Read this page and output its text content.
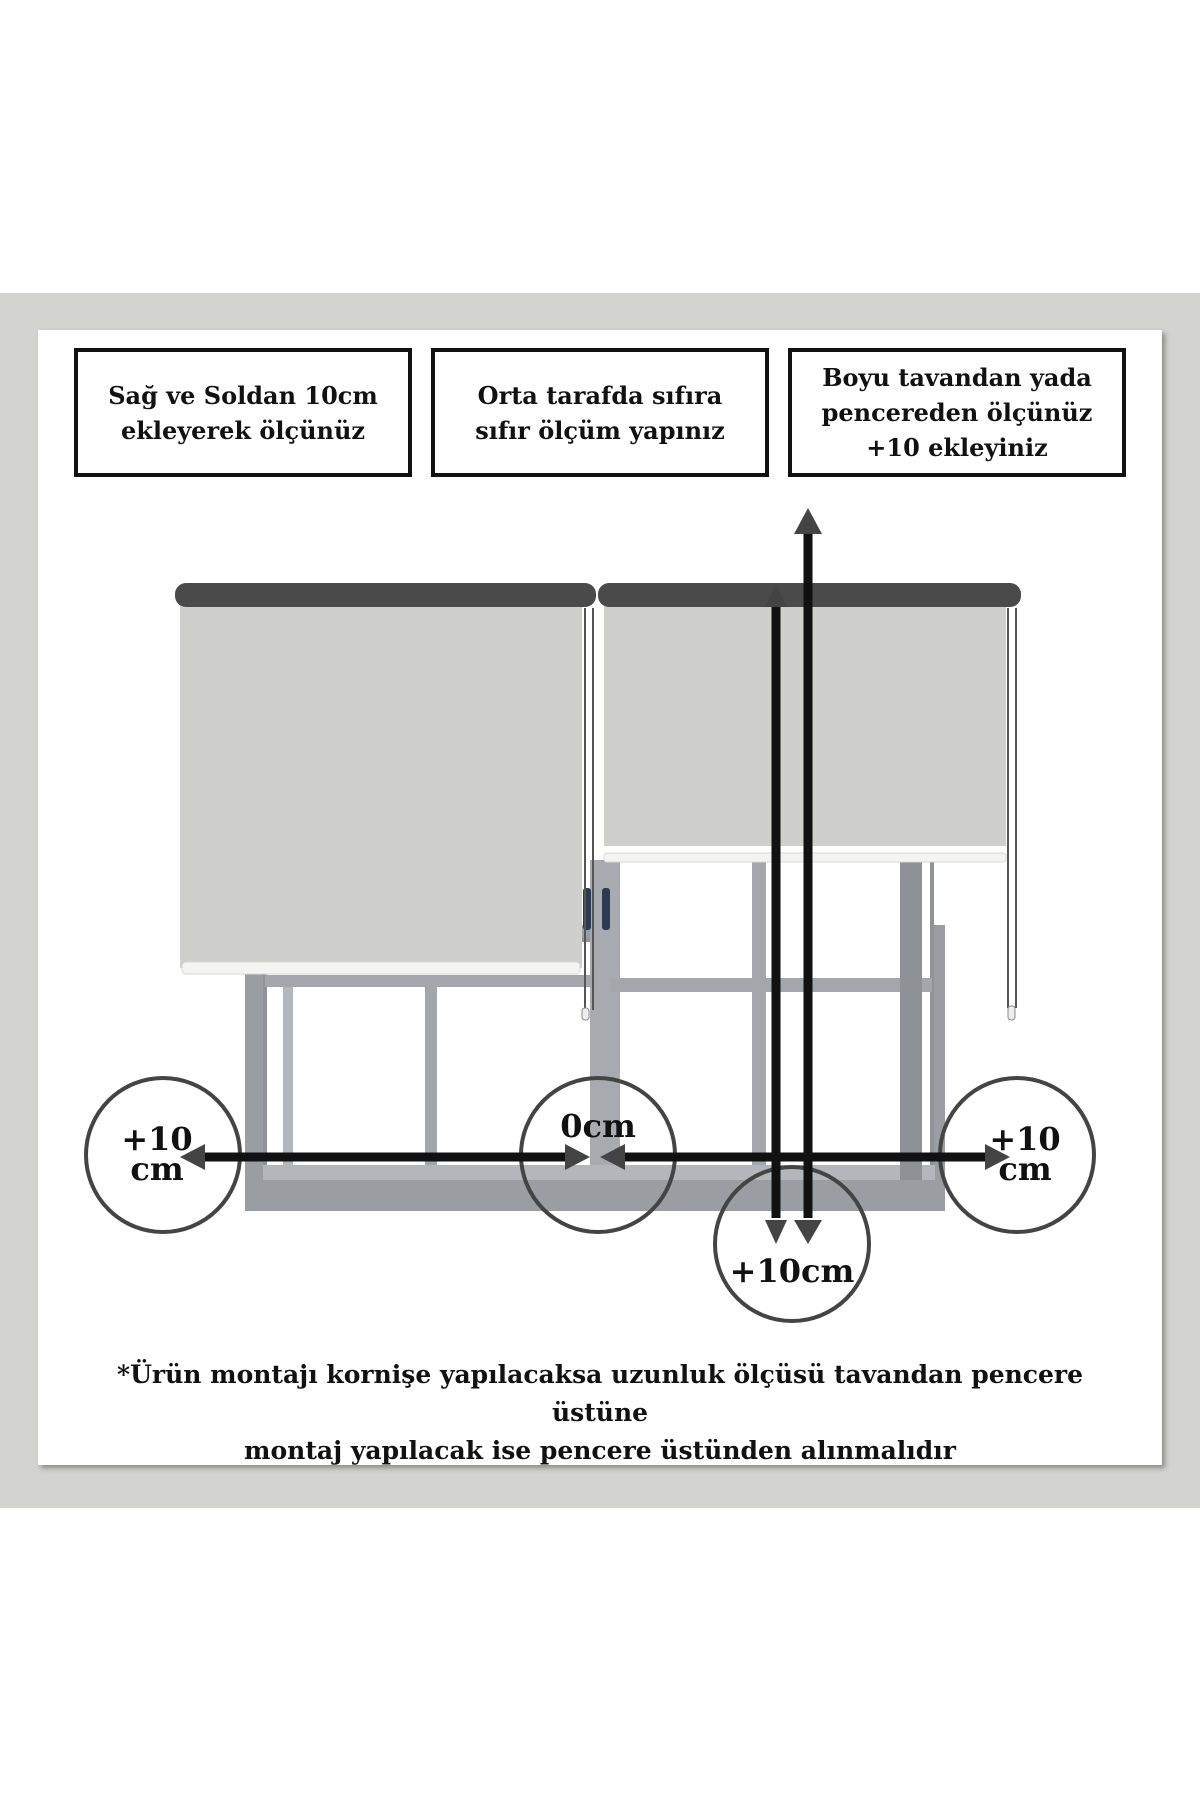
Sağ ve Soldan 10cm
ekleyerek ölçünüz
Orta tarafda sıfıra
sıfır ölçüm yapınız
Boyu tavandan yada
pencereden ölçünüz
+10 ekleyiniz
+10
cm
0cm	+10
cm
+10cm
*Ürün montajı kornişe yapılacaksa uzunluk ölçüsü tavandan pencere üstüne
montaj yapılacak ise pencere üstünden alınmalıdır
